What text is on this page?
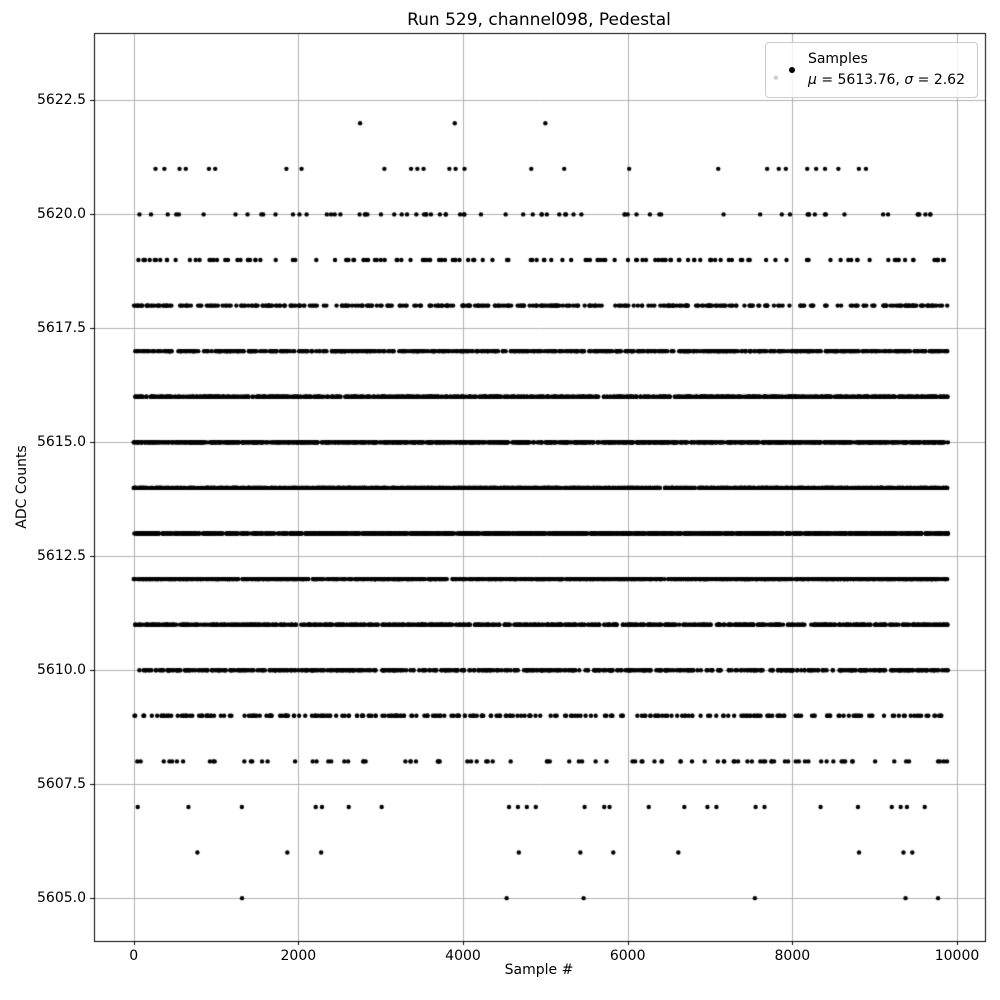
Run 529, channel098, Pedestal
0	2000	4000	6000	8000	10000
5605.0
5607.5
5610.0
5612.5
5615.0
5617.5
5620.0
5622.5
Sample #
ADC Counts
Samples
μ = 5613.76, σ = 2.62
